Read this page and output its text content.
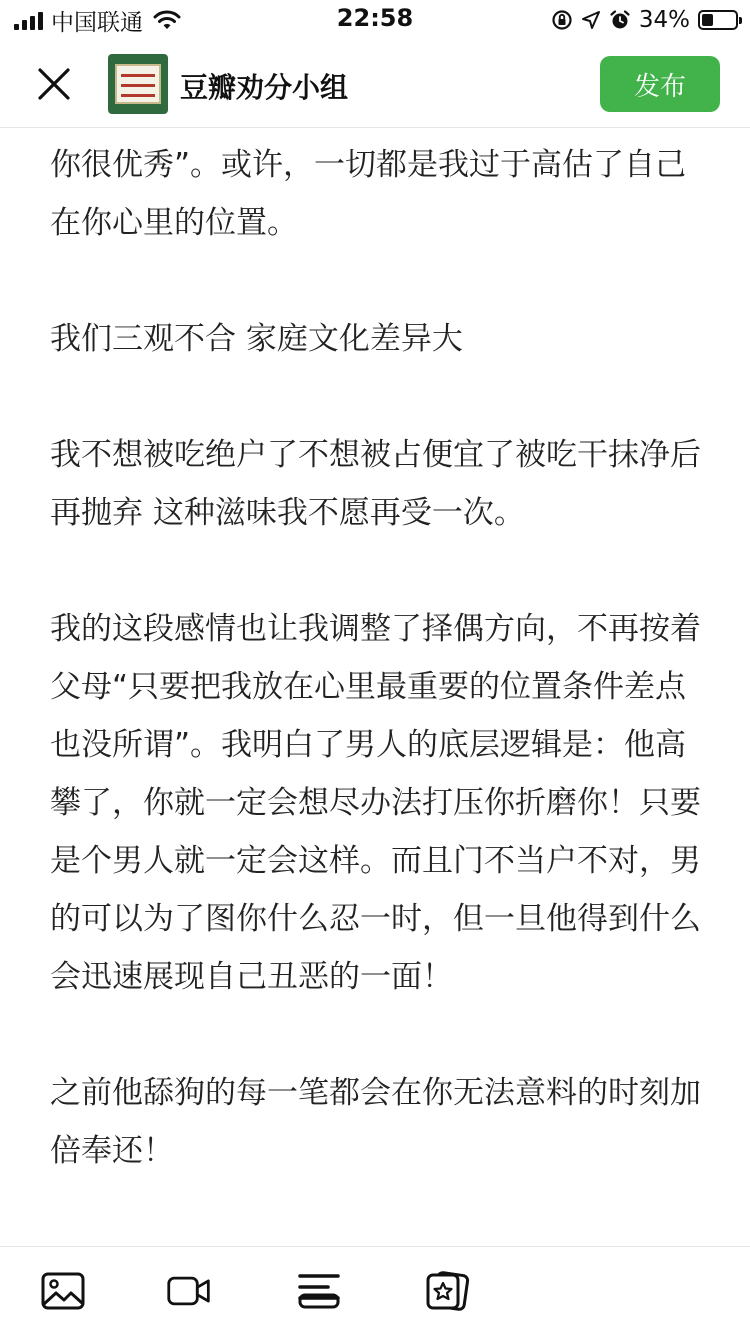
中国联通	22:58	34%
豆瓣劝分小组	发布

你很优秀”。或许，一切都是我过于高估了自己在你心里的位置。

我们三观不合 家庭文化差异大

我不想被吃绝户了不想被占便宜了被吃干抹净后再抛弃 这种滋味我不愿再受一次。

我的这段感情也让我调整了择偶方向，不再按着父母“只要把我放在心里最重要的位置条件差点也没所谓”。我明白了男人的底层逻辑是：他高攀了，你就一定会想尽办法打压你折磨你！只要是个男人就一定会这样。而且门不当户不对，男的可以为了图你什么忍一时，但一旦他得到什么会迅速展现自己丑恶的一面！

之前他舔狗的每一笔都会在你无法意料的时刻加倍奉还！
